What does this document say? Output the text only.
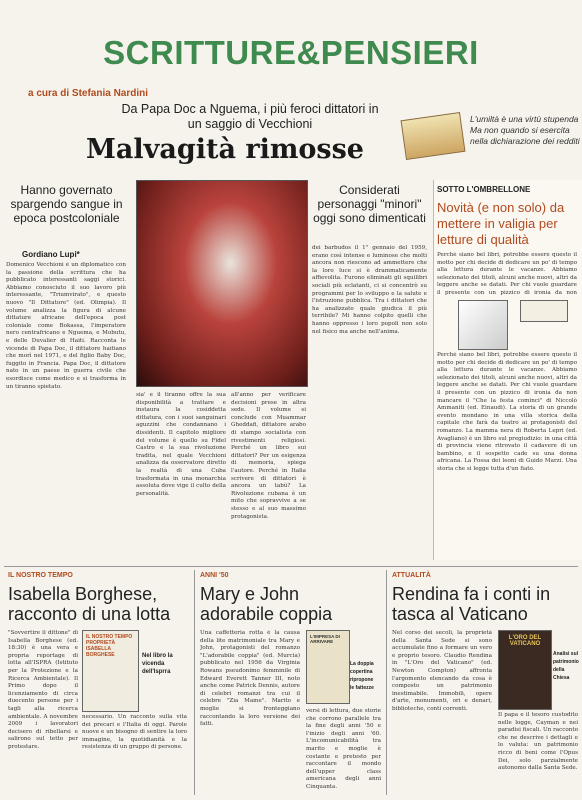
SCRITTURE&PENSIERI
a cura di Stefania Nardini
Da Papa Doc a Nguema, i più feroci dittatori in un saggio di Vecchioni
Malvagità rimosse
L'umiltà è una virtù stupenda Ma non quando si esercita nella dichiarazione dei redditi
Hanno governato spargendo sangue in epoca postcoloniale
Gordiano Lupi*
Considerati personaggi "minori" oggi sono dimenticati
Domenico Vecchioni è un diplomatico con la passione della scrittura che ha pubblicato interessanti saggi storici. Abbiamo conosciuto il suo lavoro più interessante, "Triumvirato", e questo nuovo "Il Dittatore" (ed. Olimpia). Il volume analizza la figura di alcune dittature africane dell'epoca post coloniale come Bokassa, l'imperatore nero centrafricano e Nguema, e Mobutu, e delle Duvalier di Haiti. Racconta le vicende di Papa Doc, il dittatore haitiano che morì nel 1971, e del figlio Baby Doc, fuggito in Francia. Papa Doc, il dittatore nato in un paese in guerra civile che esordisce come medico e si trasforma in un tiranno spietato.
sia' e il tiranno offre la sua disponibilità a trattare e instaura la cosiddetta dittatura, con i suoi sanguinari aguzzini che condannano i dissidenti. Il capitolo migliore del volume è quello su Fidel Castro e la sua rivoluzione tradita, nel quale Vecchioni analizza da osservatore diretto la realtà di una Cuba trasformata in una monarchia assoluta dove vige il culto della personalità.
all'anno per verificare decisioni prese in altra sede. Il volume si conclude con Muammar Gheddafi, dittatore arabo di stampo socialista con rivestimenti religiosi. Perché un libro sui dittatori? Per un esigenza di memoria, spiega l'autore. Perché in Italia scrivere di dittatori è ancora un tabù? La Rivoluzione cubana è un mito che sopravvive a se stesso e al suo massimo protagonista.
dei barbudos il 1° gennaio del 1959, erano così intense e luminose che molti ancora non riescono ad ammettere che la loro luce si è drammaticamente affievolita. Furono eliminati gli squilibri sociali più eclatanti, ci si concentrò su programmi per lo sviluppo e la salute e l'istruzione pubblica. Tra i dittatori che ha analizzato quale giudica il più terribile? Mi hanno colpito quelli che hanno oppresso i loro popoli non solo nel fisico ma anche nell'anima.
SOTTO L'OMBRELLONE
Novità (e non solo) da mettere in valigia per letture di qualità
Perché siano bel libri, potrebbe essere questo il motto per chi decide di dedicare un po' di tempo alla lettura durante le vacanze. Abbiamo selezionato dei titoli, alcuni anche nuovi, altri da leggere anche se datati. Per chi vuole guardare il presente con un pizzico di ironia da non
Perché siano bel libri, potrebbe essere questo il motto per chi decide di dedicare un po' di tempo alla lettura durante le vacanze. Abbiamo selezionato dei titoli, alcuni anche nuovi, altri da leggere anche se datati. Per chi vuole guardare il presente con un pizzico di ironia da non mancare il "Che la festa cominci" di Niccolò Ammaniti (ed. Einaudi). La storia di un grande evento mondano in una villa storica della capitale che farà da teatro ai protagonisti del romanzo. La mamma nera di Roberta Lepri (ed. Avagliano) è un libro sul pregiudizio: in una città di provincia viene ritrovato il cadavere di un bambino, e il sospetto cade su una donna africana. La Fossa dei leoni di Guido Marzi. Una storia che si legge tutta d'un fiato.
IL NOSTRO TEMPO
Isabella Borghese, racconto di una lotta
IL NOSTRO TEMPO PROPRIETÀ ISABELLA BORGHESE	Nel libro la vicenda dell'Isprra
"Sovvertire il dittone" di Isabella Borghese (ed. 18:30) è una vera e propria reportage di lotta all'ISPRA (Istituto per la Protezione e la Ricerca Ambientale). Il Primo dopo il licenziamento di circa duecento persone per i tagli alla ricerca ambientale. A novembre 2009 i lavoratori decisero di ribellarsi e salirono sul tetto per protestare.
necessario. Un racconto sulla vita dei precari e l'Italia di oggi. Parole nuove e un bisogno di sentire la loro immagine, la quotidianità e la resistenza di un gruppo di persone.
ANNI '50
Mary e John adorabile coppia
Una caffetteria rotta è la causa della lite matrimoniale tra Mary e John, protagonisti del romanzo "L'adorabile coppia" (ed. Murcia) pubblicato nel 1956 da Virginia Rowans pseudonimo femminile di Edward Everett Tanner III, noto anche come Patrick Dennis, autore di celebri romanzi tra cui il celebre "Zia Mame". Marito e moglie si fronteggiano raccontando la loro versione dei fatti.
L'IMPRESA DI ARRIVARE
La doppia copertina ripropone le fattezze
versi di lettura, due storie che corrono parallele tra la fine degli anni '50 e l'inizio degli anni '60. L'incomunicabilità tra marito e moglie è costante e pretesto per raccontare il mondo dell'upper class americana degli anni Cinquanta.
ATTUALITÀ
Rendina fa i conti in tasca al Vaticano
Nel corso dei secoli, la proprietà della Santa Sede si sono accumulate fino a formare un vero e proprio tesoro. Claudio Rendina in "L'Oro del Vaticano" (ed. Newton Compton) affronta l'argomento elencando da cosa è composto un patrimonio inestimabile. Immobili, opere d'arte, monumenti, ori e denari, biblioteche, conti correnti.
L'ORO DEL VATICANO
Analisi sul patrimonio della Chiesa
Il papa e il tesoro custodito nelle logge, Cayman e nei paradisi fiscali. Un racconto che ne descrive i dettagli e lo valuta: un patrimonio ricco di beni come l'Opus Dei, solo parzialmente autonomo dalla Santa Sede.
